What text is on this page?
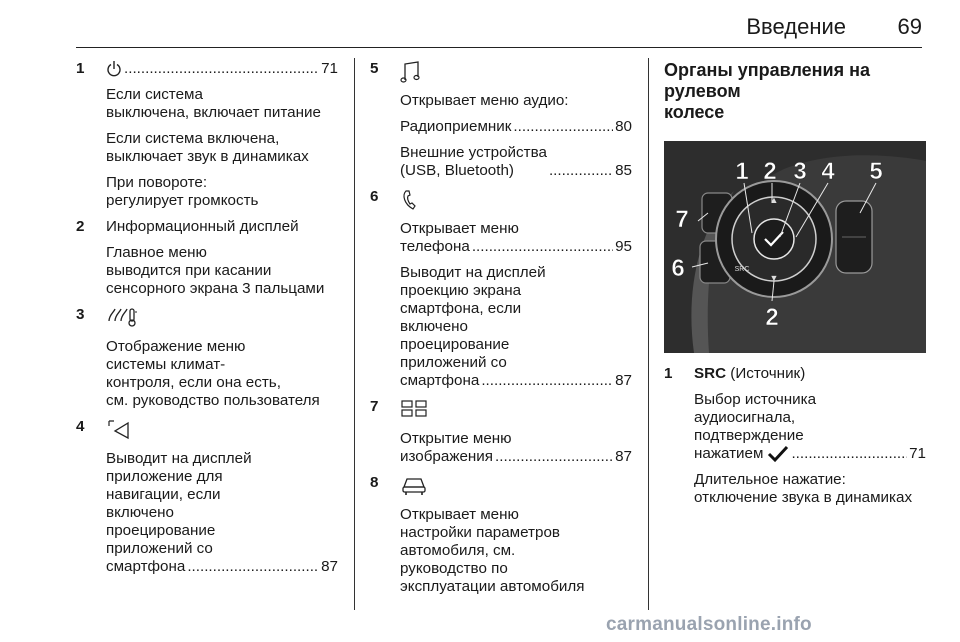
Введение 69
1 .....	71

Если система
выключена, включает питание

Если система включена,
выключает звук в динамиках

При повороте:
регулирует громкость

2 Информационный дисплей

Главное меню
выводится при касании
сенсорного экрана 3 пальцами

3

Отображение меню
системы климат-
контроля, если она есть,
см. руководство пользователя

4

Выводит на дисплей
приложение для
навигации, если
включено
проецирование
приложений со

смартфона .....	87
5

Открывает меню аудио:

Радиоприемник .....	80
Внешние устройства
(USB, Bluetooth) .....	85
6

Открывает меню

телефона .....	95

Выводит на дисплей
проекцию экрана
смартфона, если
включено
проецирование
приложений со

смартфона .....	87
7

Открытие меню

изображения .....	87
8

Открывает меню
настройки параметров
автомобиля, см.
руководство по
эксплуатации автомобиля

Органы управления на рулевом
колесе

▲
▼
SRC
1 2 3 4 5
6
7
2
1 SRC (Источник)

Выбор источника
аудиосигнала,
подтверждение

нажатием .....	71

Длительное нажатие:
отключение звука в динамиках

carmanualsonline.info
